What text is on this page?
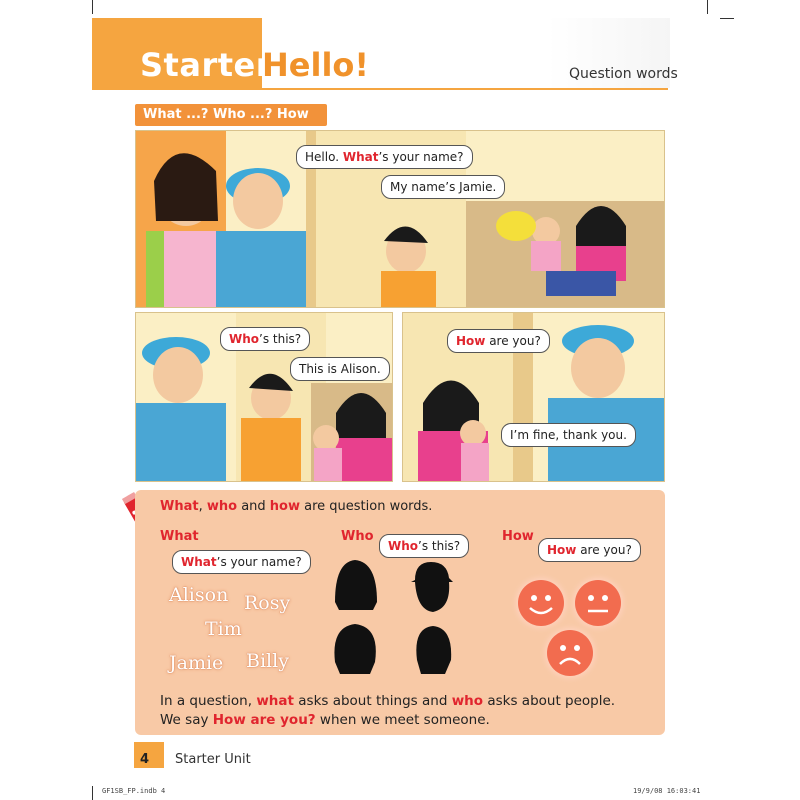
Starter
Hello!	Question words
What ...? Who ...? How
Hello. What’s your name?
My name’s Jamie.
Who’s this?
This is Alison.
How are you?
I’m fine, thank you.
What, who and how are question words.
What	Who	How
What’s your name?
Who’s this?	How are you?
Alison Rosy
Tim
Jamie Billy
In a question, what asks about things and who asks about people.
We say How are you? when we meet someone.
4 Starter Unit
GF1SB_FP.indb 4	19/9/08 16:03:41
